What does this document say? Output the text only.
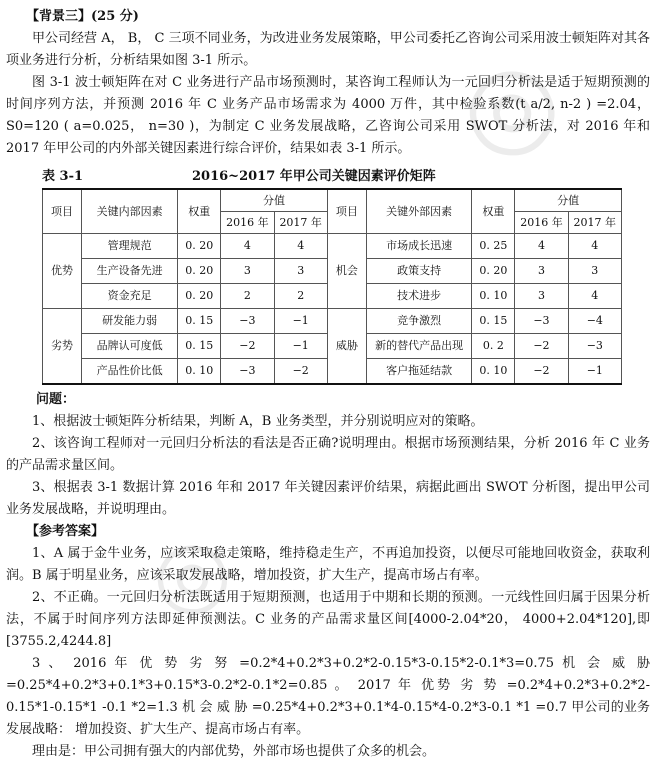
◎
◎

【背景三】(25 分)

甲公司经营 A， B， C 三项不同业务，为改进业务发展策略，甲公司委托乙咨询公司采用波士顿矩阵对其各项业务进行分析，分析结果如图 3-1 所示。

图 3-1 波士顿矩阵在对 C 业务进行产品市场预测时，某咨询工程师认为一元回归分析法是适于短期预测的时间序列方法，并预测 2016 年 C 业务产品市场需求为 4000 万件，其中检验系数(t a/2, n-2 ) =2.04，S0=120 ( a=0.025， n=30 )，为制定 C 业务发展战略，乙咨询公司采用 SWOT 分析法，对 2016 年和 2017 年甲公司的内外部关键因素进行综合评价，结果如表 3-1 所示。

表 3-1	2016~2017 年甲公司关键因素评价矩阵
项目	关键内部因素	权重	分值		项目	关键外部因素	权重	分值	
			2016 年	2017 年				2016 年	2017 年
优势	管理规范	0. 20	4	4	机会	市场成长迅速	0. 25	4	4
	生产设备先进	0. 20	3	3		政策支持	0. 20	3	3
	资金充足	0. 20	2	2		技术进步	0. 10	3	4
劣势	研发能力弱	0. 15	−3	−1	威胁	竞争激烈	0. 15	−3	−4
	品牌认可度低	0. 15	−2	−1		新的替代产品出现	0. 2	−2	−3
	产品性价比低	0. 10	−3	−2		客户拖延结款	0. 10	−2	−1

问题：

1、根据波士顿矩阵分析结果，判断 A，B 业务类型，并分别说明应对的策略。

2、该咨询工程师对一元回归分析法的看法是否正确?说明理由。根据市场预测结果，分析 2016 年 C 业务的产品需求量区间。

3、根据表 3-1 数据计算 2016 年和 2017 年关键因素评价结果，病据此画出 SWOT 分析图，提出甲公司业务发展战略，并说明理由。

【参考答案】

1、A 属于金牛业务，应该采取稳走策略，维持稳走生产，不再追加投资，以便尽可能地回收资金，获取利润。B 属于明星业务，应该采取发展战略，增加投资，扩大生产，提高市场占有率。

2、不正确。一元回归分析法既适用于短期预测，也适用于中期和长期的预测。一元线性回归属于因果分析法，不属于时间序列方法即延伸预测法。C 业务的产品需求量区间[4000-2.04*20， 4000+2.04*120],即[3755.2,4244.8]

3 、 2016 年 优 势 劣 努 =0.2*4+0.2*3+0.2*2-0.15*3-0.15*2-0.1*3=0.75 机 会 威 胁 =0.25*4+0.2*3+0.1*3+0.15*3-0.2*2-0.1*2=0.85 。 2017 年 优势 劣 势 =0.2*4+0.2*3+0.2*2-0.15*1-0.15*1 -0.1 *2=1.3 机 会 威 胁 =0.25*4+0.2*3+0.1*4-0.15*4-0.2*3-0.1 *1 =0.7 甲公司的业务发展战略： 增加投资、扩大生产、提高市场占有率。

理由是：甲公司拥有强大的内部优势，外部市场也提供了众多的机会。
